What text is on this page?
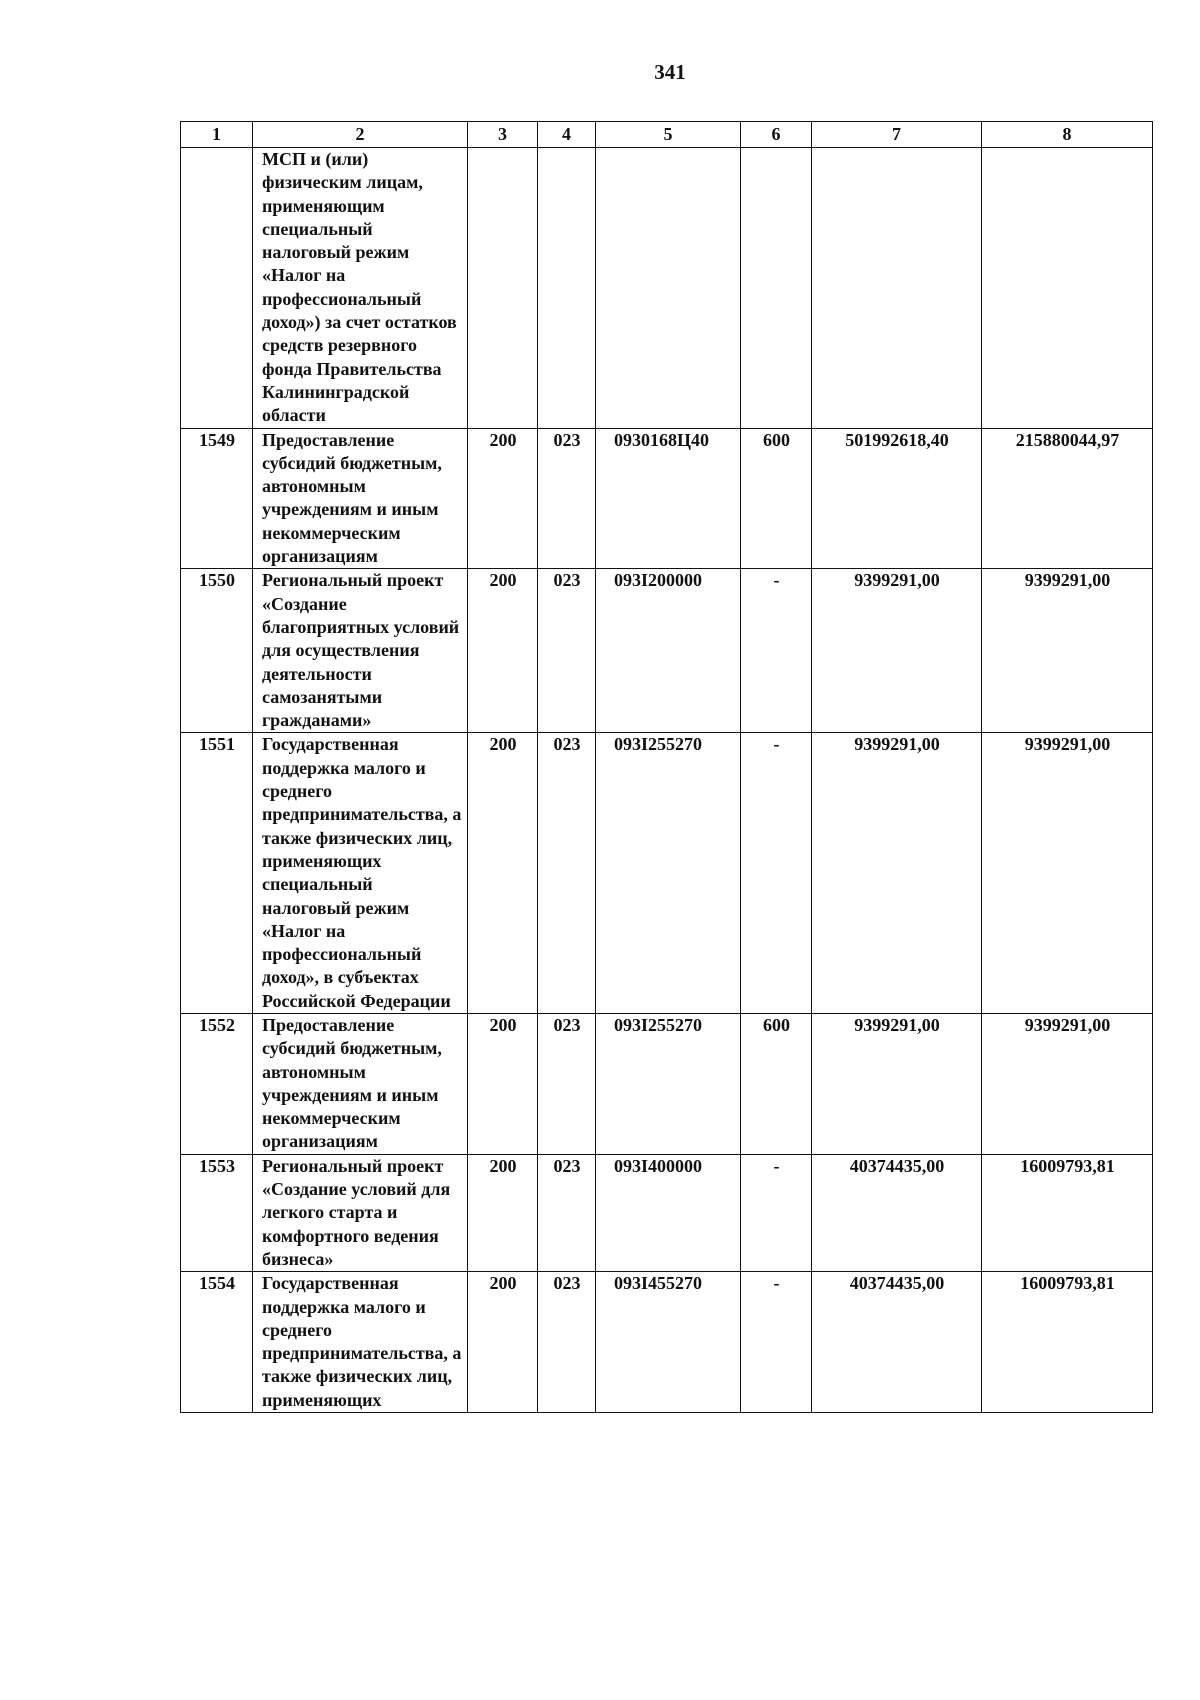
341
1	2	3	4	5	6	7	8
	МСП и (или) физическим лицам, применяющим специальный налоговый режим «Налог на профессиональный доход») за счет остатков средств резервного фонда Правительства Калининградской области						
1549	Предоставление субсидий бюджетным, автономным учреждениям и иным некоммерческим организациям	200	023	0930168Ц40	600	501992618,40	215880044,97
1550	Региональный проект «Создание благоприятных условий для осуществления деятельности самозанятыми гражданами»	200	023	093I200000	-	9399291,00	9399291,00
1551	Государственная поддержка малого и среднего предпринимательства, а также физических лиц, применяющих специальный налоговый режим «Налог на профессиональный доход», в субъектах Российской Федерации	200	023	093I255270	-	9399291,00	9399291,00
1552	Предоставление субсидий бюджетным, автономным учреждениям и иным некоммерческим организациям	200	023	093I255270	600	9399291,00	9399291,00
1553	Региональный проект «Создание условий для легкого старта и комфортного ведения бизнеса»	200	023	093I400000	-	40374435,00	16009793,81
1554	Государственная поддержка малого и среднего предпринимательства, а также физических лиц, применяющих	200	023	093I455270	-	40374435,00	16009793,81
